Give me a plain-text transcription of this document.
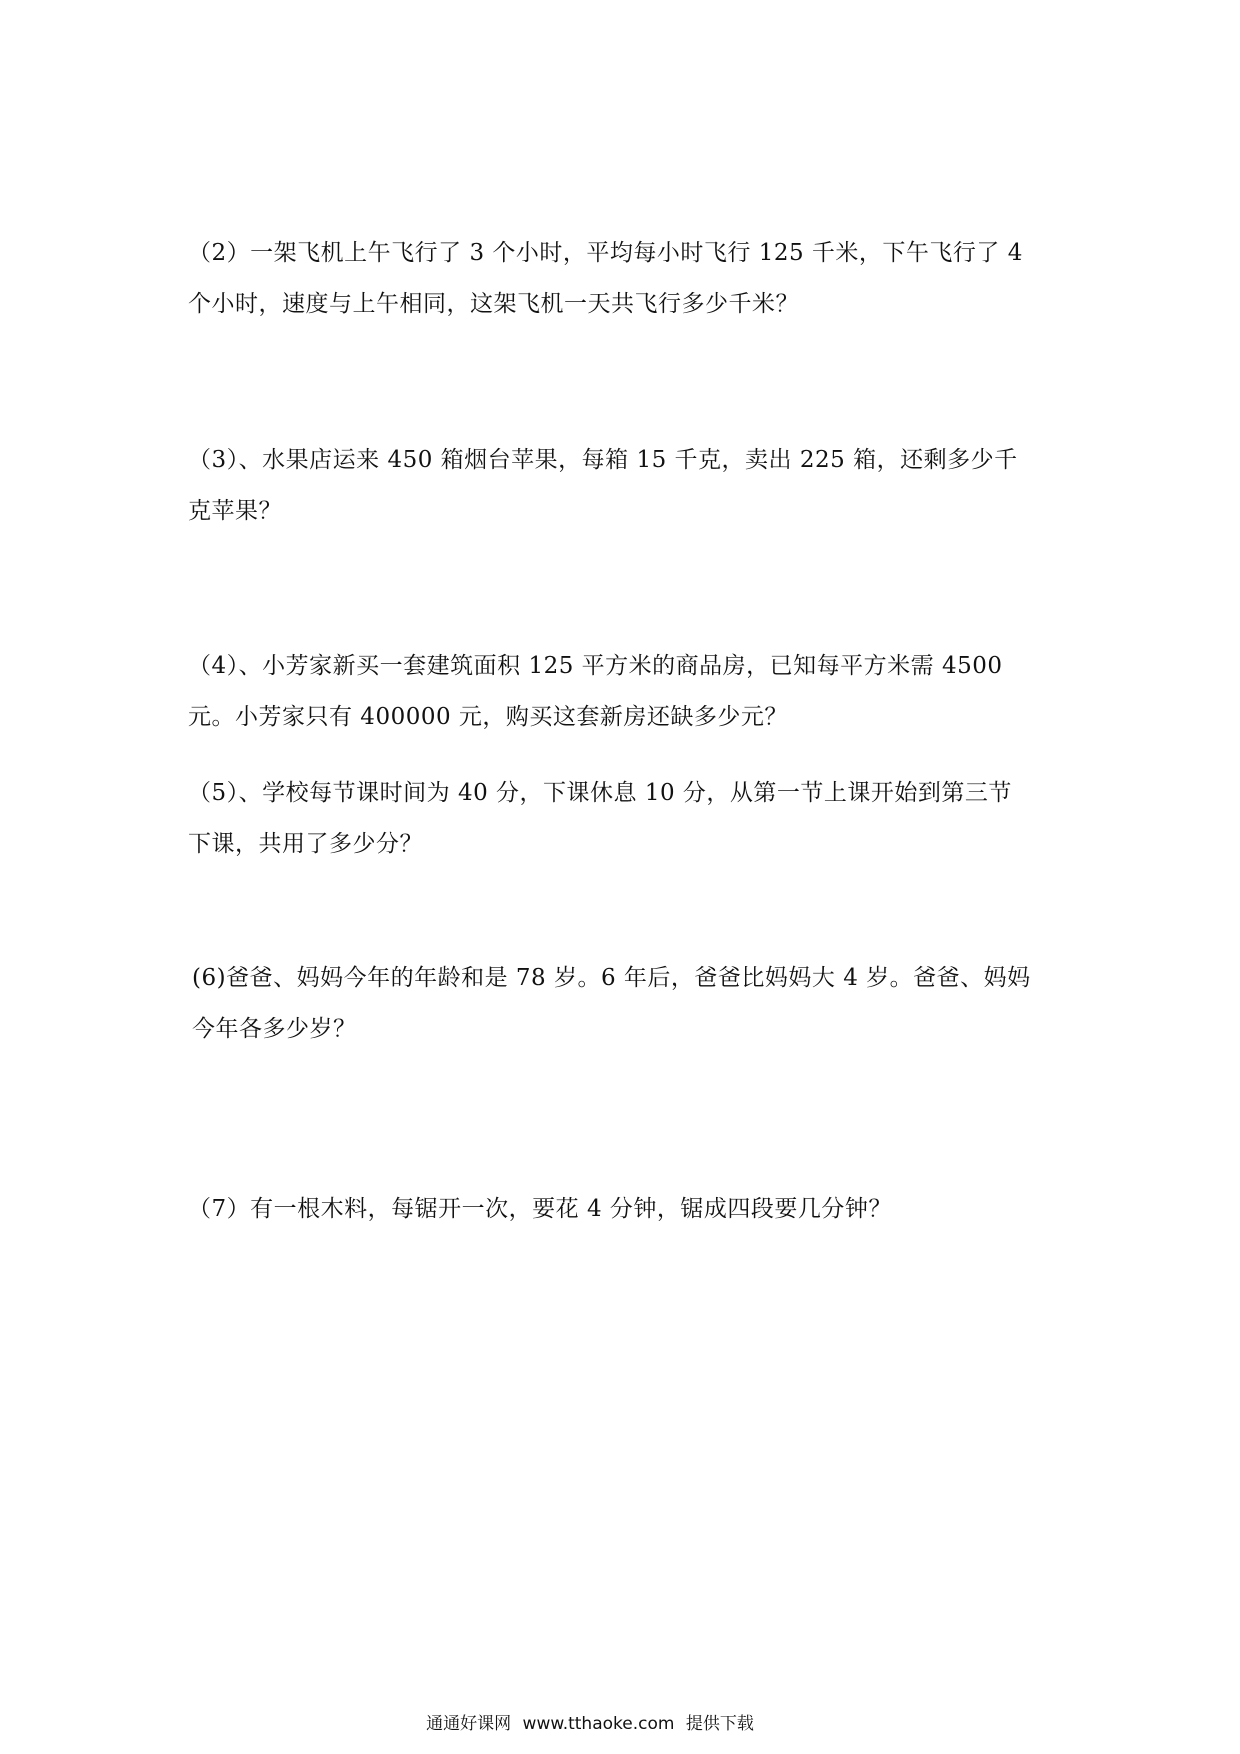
（2）一架飞机上午飞行了 3 个小时，平均每小时飞行 125 千米，下午飞行了 4
个小时，速度与上午相同，这架飞机一天共飞行多少千米？
（3）、水果店运来 450 箱烟台苹果，每箱 15 千克，卖出 225 箱，还剩多少千
克苹果？
（4）、小芳家新买一套建筑面积 125 平方米的商品房，已知每平方米需 4500
元。小芳家只有 400000 元，购买这套新房还缺多少元？
（5）、学校每节课时间为 40 分，下课休息 10 分，从第一节上课开始到第三节
下课，共用了多少分？
(6)爸爸、妈妈今年的年龄和是 78 岁。6 年后，爸爸比妈妈大 4 岁。爸爸、妈妈
今年各多少岁？
（7）有一根木料，每锯开一次，要花 4 分钟，锯成四段要几分钟？
通通好课网 www.tthaoke.com 提供下载
